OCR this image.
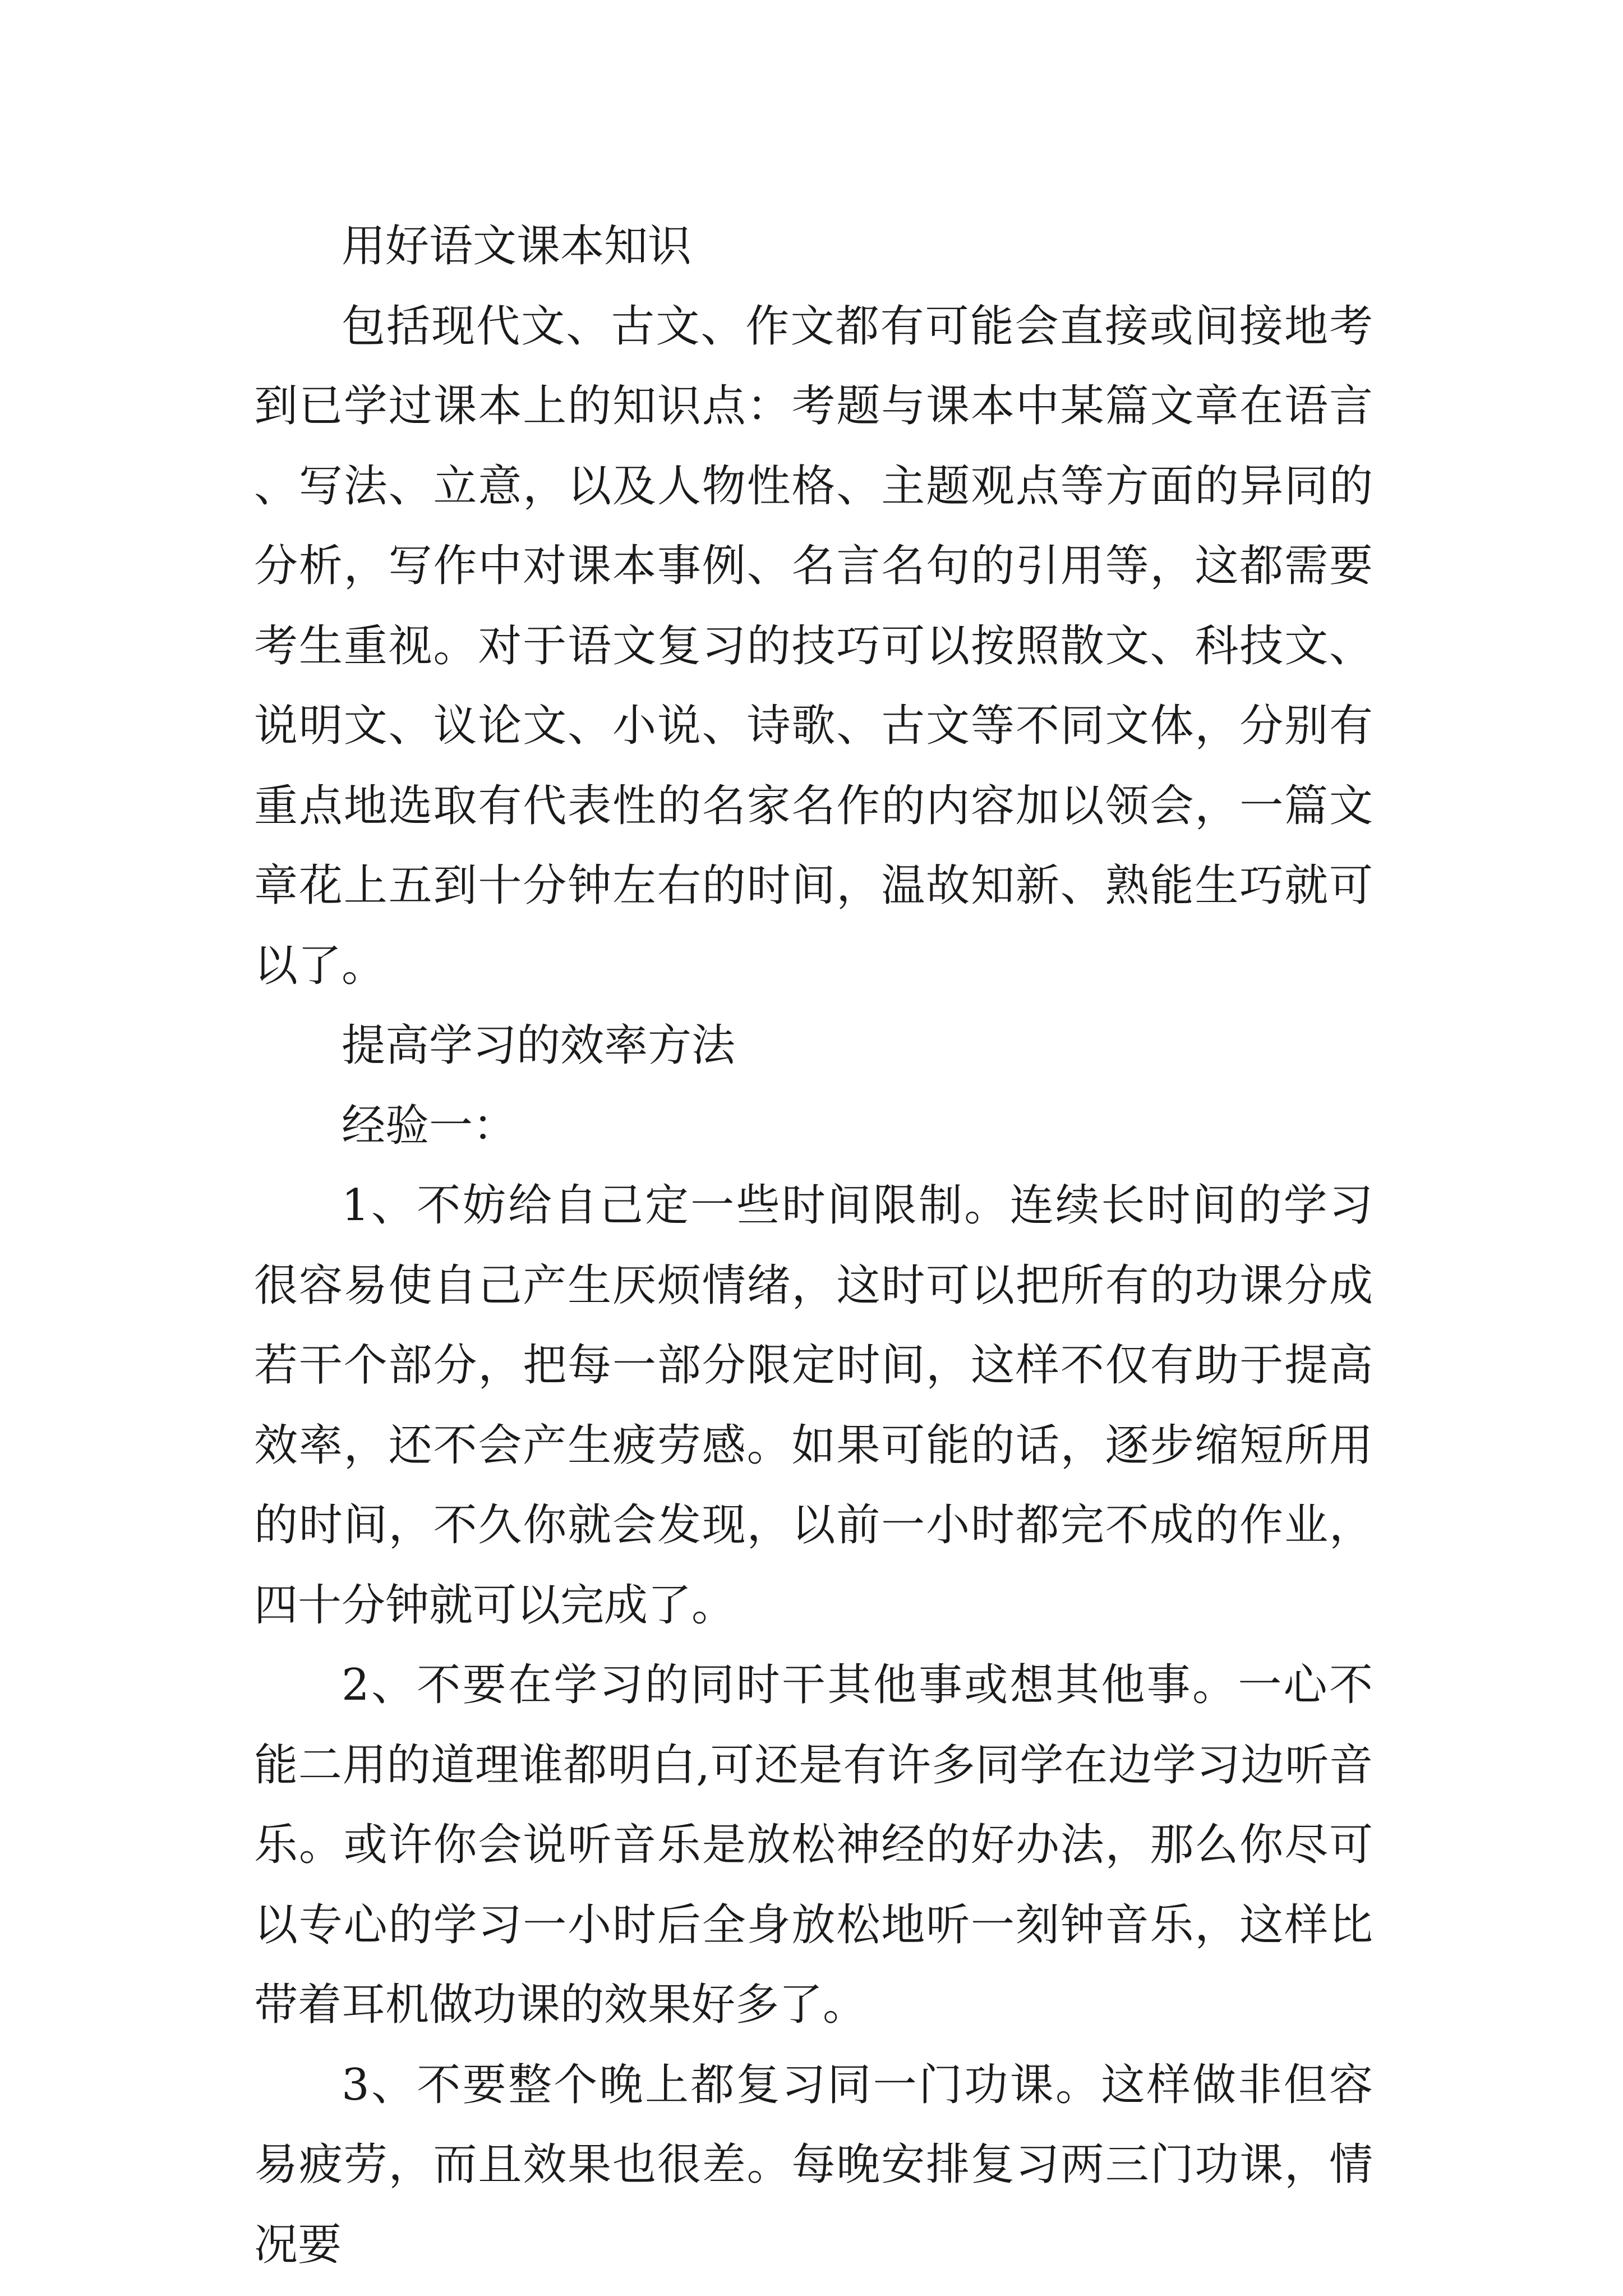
用好语文课本知识

包括现代文、古文、作文都有可能会直接或间接地考到已学过课本上的知识点：考题与课本中某篇文章在语言、写法、立意，以及人物性格、主题观点等方面的异同的分析，写作中对课本事例、名言名句的引用等，这都需要考生重视。对于语文复习的技巧可以按照散文、科技文、说明文、议论文、小说、诗歌、古文等不同文体，分别有重点地选取有代表性的名家名作的内容加以领会，一篇文章花上五到十分钟左右的时间，温故知新、熟能生巧就可以了。

提高学习的效率方法

经验一：

1、不妨给自己定一些时间限制。连续长时间的学习很容易使自己产生厌烦情绪，这时可以把所有的功课分成若干个部分，把每一部分限定时间，这样不仅有助于提高效率，还不会产生疲劳感。如果可能的话，逐步缩短所用的时间，不久你就会发现，以前一小时都完不成的作业，四十分钟就可以完成了。

2、不要在学习的同时干其他事或想其他事。一心不能二用的道理谁都明白,可还是有许多同学在边学习边听音乐。或许你会说听音乐是放松神经的好办法，那么你尽可以专心的学习一小时后全身放松地听一刻钟音乐，这样比带着耳机做功课的效果好多了。

3、不要整个晚上都复习同一门功课。这样做非但容易疲劳，而且效果也很差。每晚安排复习两三门功课，情况要
